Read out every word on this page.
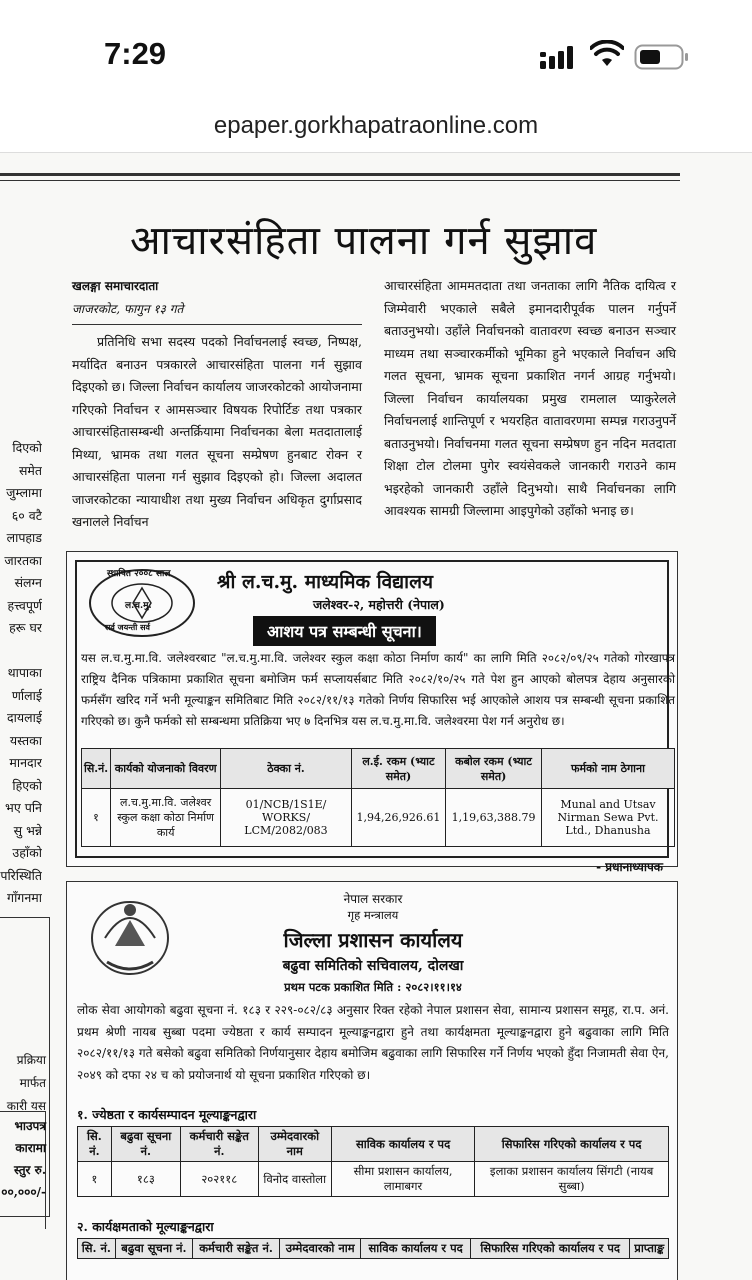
7:29
epaper.gorkhapatraonline.com
आचारसंहिता पालना गर्न सुझाव
दिएको
समेत
जुम्लामा
६० वटै
लापहाड
जारतका
संलग्न
हत्त्वपूर्ण
हरू घर

थापाका
र्णालाई
दायलाई
यस्तका
मानदार
हिएको
भए पनि
सु भन्ने
उहाँको
परिस्थिति
गाँगनमा
खलङ्गा समाचारदाता
जाजरकोट, फागुन १३ गते
प्रतिनिधि सभा सदस्य पदको निर्वाचनलाई स्वच्छ, निष्पक्ष, मर्यादित बनाउन पत्रकारले आचारसंहिता पालना गर्न सुझाव दिइएको छ। जिल्ला निर्वाचन कार्यालय जाजरकोटको आयोजनामा गरिएको निर्वाचन र आमसञ्चार विषयक रिपोर्टिङ तथा पत्रकार आचारसंहितासम्बन्धी अन्तर्क्रियामा निर्वाचनका बेला मतदातालाई मिथ्या, भ्रामक तथा गलत सूचना सम्प्रेषण हुनबाट रोक्न र आचारसंहिता पालना गर्न सुझाव दिइएको हो। जिल्ला अदालत जाजरकोटका न्यायाधीश तथा मुख्य निर्वाचन अधिकृत दुर्गाप्रसाद खनालले निर्वाचन
आचारसंहिता आममतदाता तथा जनताका लागि नैतिक दायित्व र जिम्मेवारी भएकाले सबैले इमानदारीपूर्वक पालन गर्नुपर्ने बताउनुभयो। उहाँले निर्वाचनको वातावरण स्वच्छ बनाउन सञ्चार माध्यम तथा सञ्चारकर्मीको भूमिका हुने भएकाले निर्वाचन अघि गलत सूचना, भ्रामक सूचना प्रकाशित नगर्न आग्रह गर्नुभयो। जिल्ला निर्वाचन कार्यालयका प्रमुख रामलाल प्याकुरेलले निर्वाचनलाई शान्तिपूर्ण र भयरहित वातावरणमा सम्पन्न गराउनुपर्ने बताउनुभयो। निर्वाचनमा गलत सूचना सम्प्रेषण हुन नदिन मतदाता शिक्षा टोल टोलमा पुगेर स्वयंसेवकले जानकारी गराउने काम भइरहेको जानकारी उहाँले दिनुभयो। साथै निर्वाचनका लागि आवश्यक सामग्री जिल्लामा आइपुगेको उहाँको भनाइ छ।
स्थापित २००८ साल
ल.च.मु.
सर्व जयन्ती सर्व
श्री ल.च.मु. माध्यमिक विद्यालय
जलेश्वर-२, महोत्तरी (नेपाल)
आशय पत्र सम्बन्धी सूचना।
यस ल.च.मु.मा.वि. जलेश्वरबाट "ल.च.मु.मा.वि. जलेश्वर स्कुल कक्षा कोठा निर्माण कार्य" का लागि मिति २०८२/०९/२५ गतेको गोरखापत्र राष्ट्रिय दैनिक पत्रिकामा प्रकाशित सूचना बमोजिम फर्म सप्लायर्सबाट मिति २०८२/१०/२५ गते पेश हुन आएको बोलपत्र देहाय अनुसारको फर्मसँग खरिद गर्ने भनी मूल्याङ्कन समितिबाट मिति २०८२/११/१३ गतेको निर्णय सिफारिस भई आएकोले आशय पत्र सम्बन्धी सूचना प्रकाशित गरिएको छ। कुनै फर्मको सो सम्बन्धमा प्रतिक्रिया भए ७ दिनभित्र यस ल.च.मु.मा.वि. जलेश्वरमा पेश गर्न अनुरोध छ।
सि.नं.	कार्यको योजनाको विवरण	ठेक्का नं.	ल.ई. रकम (भ्याट समेत)	कबोल रकम (भ्याट समेत)	फर्मको नाम ठेगाना
१	ल.च.मु.मा.वि. जलेश्वर स्कुल कक्षा कोठा निर्माण कार्य	01/NCB/1S1E/ WORKS/ LCM/2082/083	1,94,26,926.61	1,19,63,388.79	Munal and Utsav Nirman Sewa Pvt. Ltd., Dhanusha
- प्रधानाध्यापक
प्रक्रिया
मार्फत
कारी यस
भाउपत्र
कारामा
स्तुर रु.
००,०००/-
नेपाल सरकार
गृह मन्त्रालय
जिल्ला प्रशासन कार्यालय
बढुवा समितिको सचिवालय, दोलखा
प्रथम पटक प्रकाशित मिति : २०८२।११।१४
लोक सेवा आयोगको बढुवा सूचना नं. १८३ र २२९-०८२/८३ अनुसार रिक्त रहेको नेपाल प्रशासन सेवा, सामान्य प्रशासन समूह, रा.प. अनं. प्रथम श्रेणी नायब सुब्बा पदमा ज्येष्ठता र कार्य सम्पादन मूल्याङ्कनद्वारा हुने तथा कार्यक्षमता मूल्याङ्कनद्वारा हुने बढुवाका लागि मिति २०८२/११/१३ गते बसेको बढुवा समितिको निर्णयानुसार देहाय बमोजिम बढुवाका लागि सिफारिस गर्ने निर्णय भएको हुँदा निजामती सेवा ऐन, २०४९ को दफा २४ च को प्रयोजनार्थ यो सूचना प्रकाशित गरिएको छ।
१. ज्येष्ठता र कार्यसम्पादन मूल्याङ्कनद्वारा
सि. नं.	बढुवा सूचना नं.	कर्मचारी सङ्केत नं.	उम्मेदवारको नाम	साविक कार्यालय र पद	सिफारिस गरिएको कार्यालय र पद
१	१८३	२०२११८	विनोद वास्तोला	सीमा प्रशासन कार्यालय, लामाबगर	इलाका प्रशासन कार्यालय सिंगटी (नायब सुब्बा)
२. कार्यक्षमताको मूल्याङ्कनद्वारा
सि. नं.	बढुवा सूचना नं.	कर्मचारी सङ्केत नं.	उम्मेदवारको नाम	साविक कार्यालय र पद	सिफारिस गरिएको कार्यालय र पद	प्राप्ताङ्क
